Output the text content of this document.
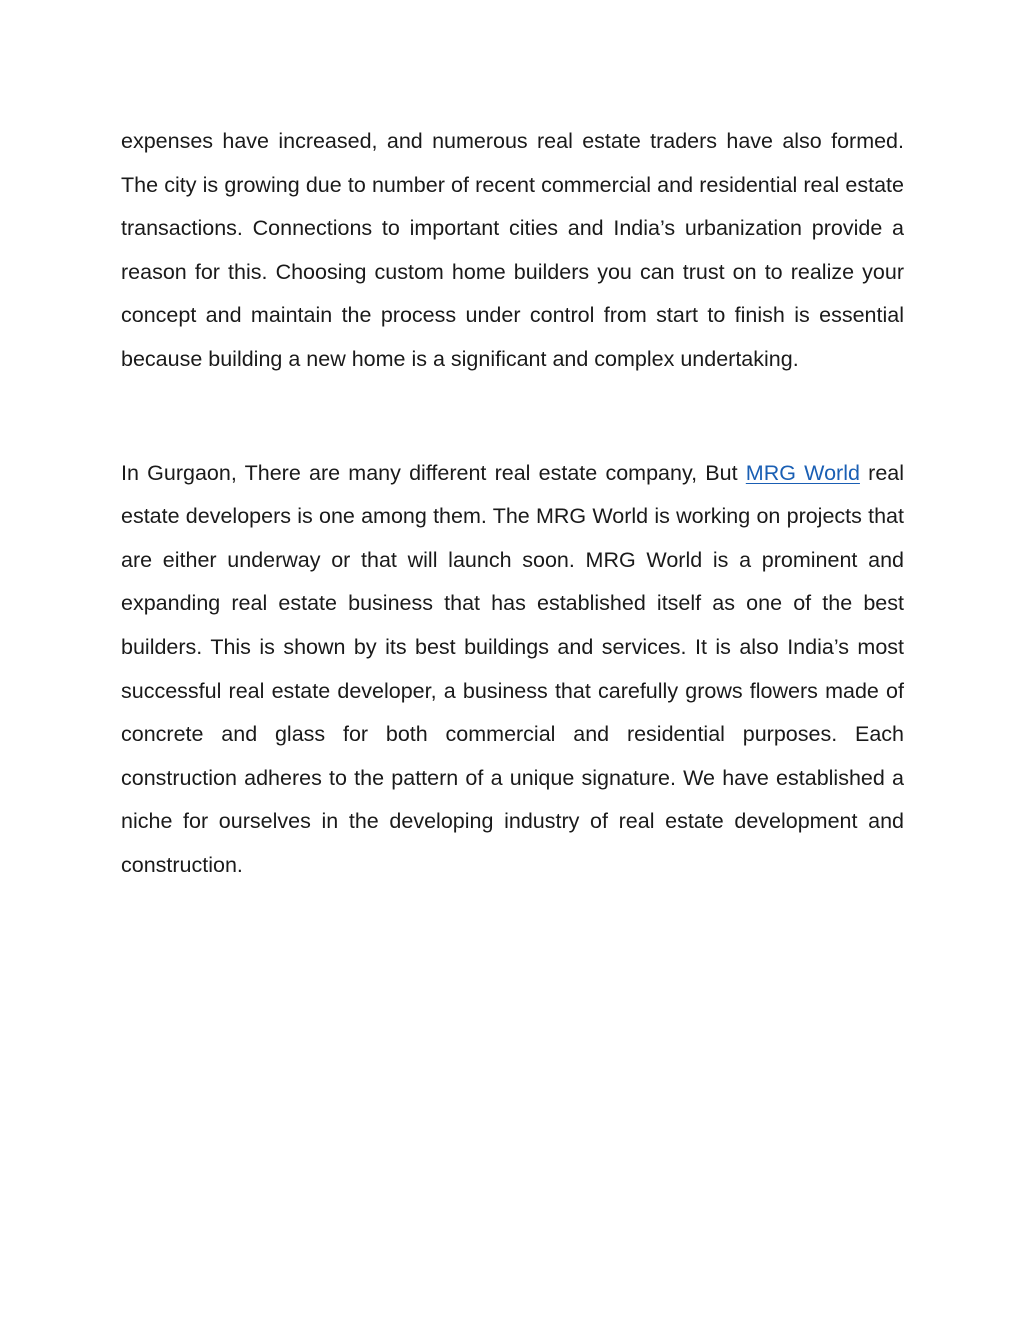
expenses have increased, and numerous real estate traders have also formed. The city is growing due to number of recent commercial and residential real estate transactions. Connections to important cities and India’s urbanization provide a reason for this. Choosing custom home builders you can trust on to realize your concept and maintain the process under control from start to finish is essential because building a new home is a significant and complex undertaking.

In Gurgaon, There are many different real estate company, But MRG World real estate developers is one among them. The MRG World is working on projects that are either underway or that will launch soon. MRG World is a prominent and expanding real estate business that has established itself as one of the best builders. This is shown by its best buildings and services. It is also India’s most successful real estate developer, a business that carefully grows flowers made of concrete and glass for both commercial and residential purposes. Each construction adheres to the pattern of a unique signature. We have established a niche for ourselves in the developing industry of real estate development and construction.
